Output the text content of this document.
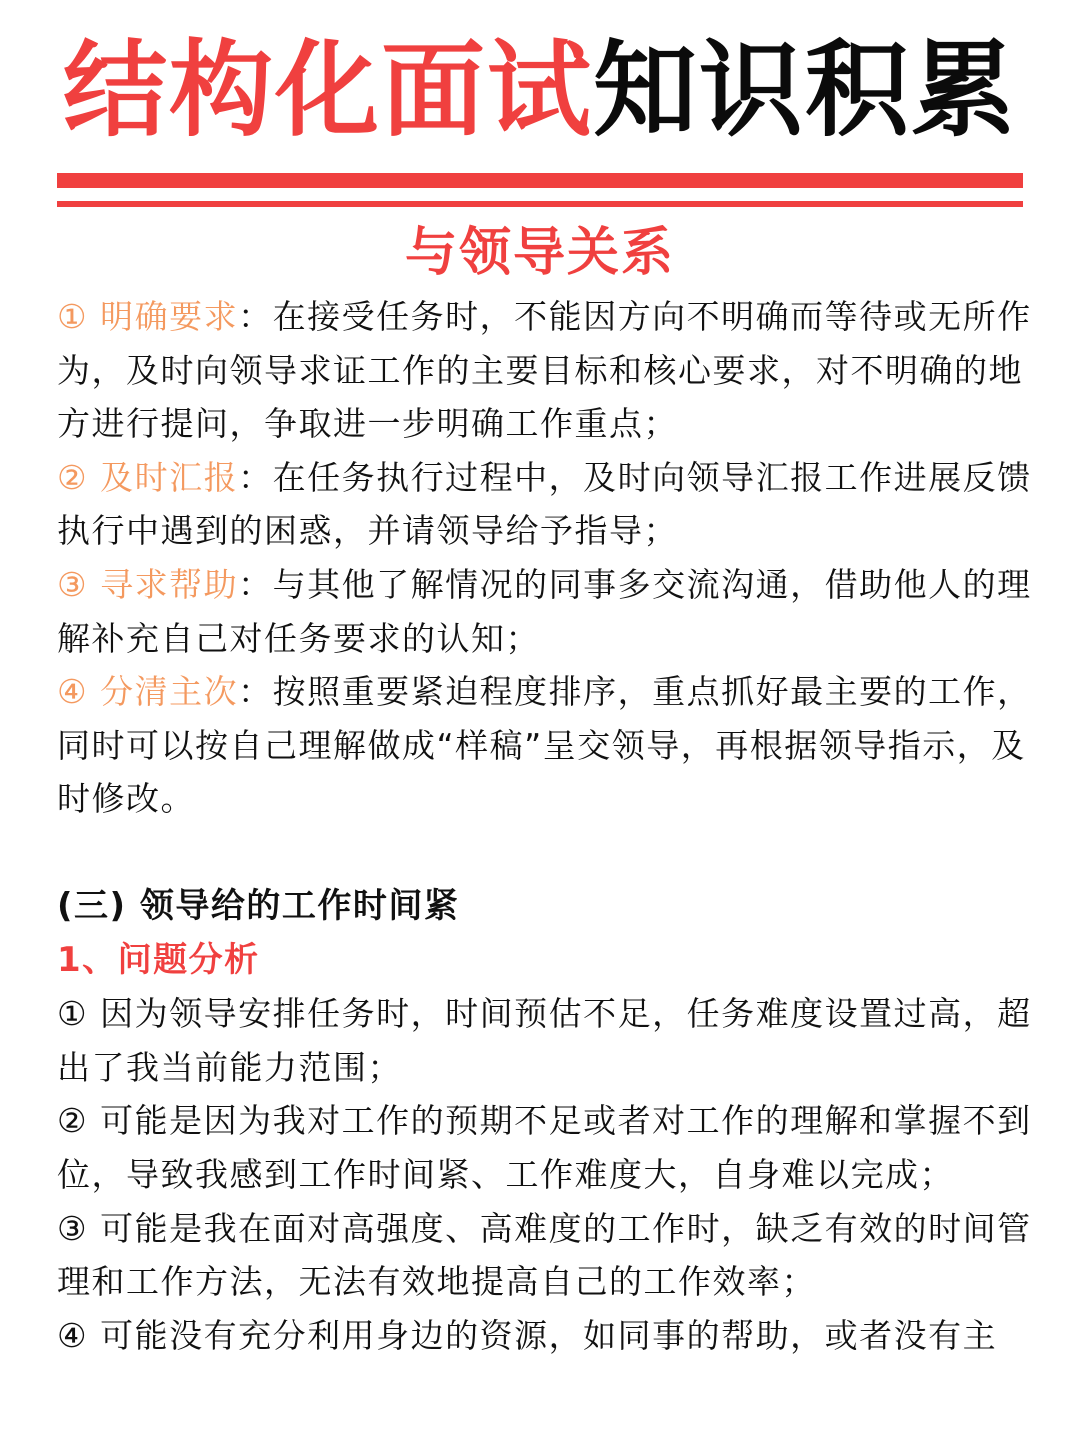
结构化面试知识积累
与领导关系

① 明确要求：在接受任务时，不能因方向不明确而等待或无所作为，及时向领导求证工作的主要目标和核心要求，对不明确的地方进行提问，争取进一步明确工作重点；

② 及时汇报：在任务执行过程中，及时向领导汇报工作进展反馈执行中遇到的困惑，并请领导给予指导；

③ 寻求帮助：与其他了解情况的同事多交流沟通，借助他人的理解补充自己对任务要求的认知；

④ 分清主次：按照重要紧迫程度排序，重点抓好最主要的工作，同时可以按自己理解做成“样稿”呈交领导，再根据领导指示，及时修改。

(三) 领导给的工作时间紧

1、问题分析

① 因为领导安排任务时，时间预估不足，任务难度设置过高，超出了我当前能力范围；

② 可能是因为我对工作的预期不足或者对工作的理解和掌握不到位，导致我感到工作时间紧、工作难度大，自身难以完成；

③ 可能是我在面对高强度、高难度的工作时，缺乏有效的时间管理和工作方法，无法有效地提高自己的工作效率；

④ 可能没有充分利用身边的资源，如同事的帮助，或者没有主
